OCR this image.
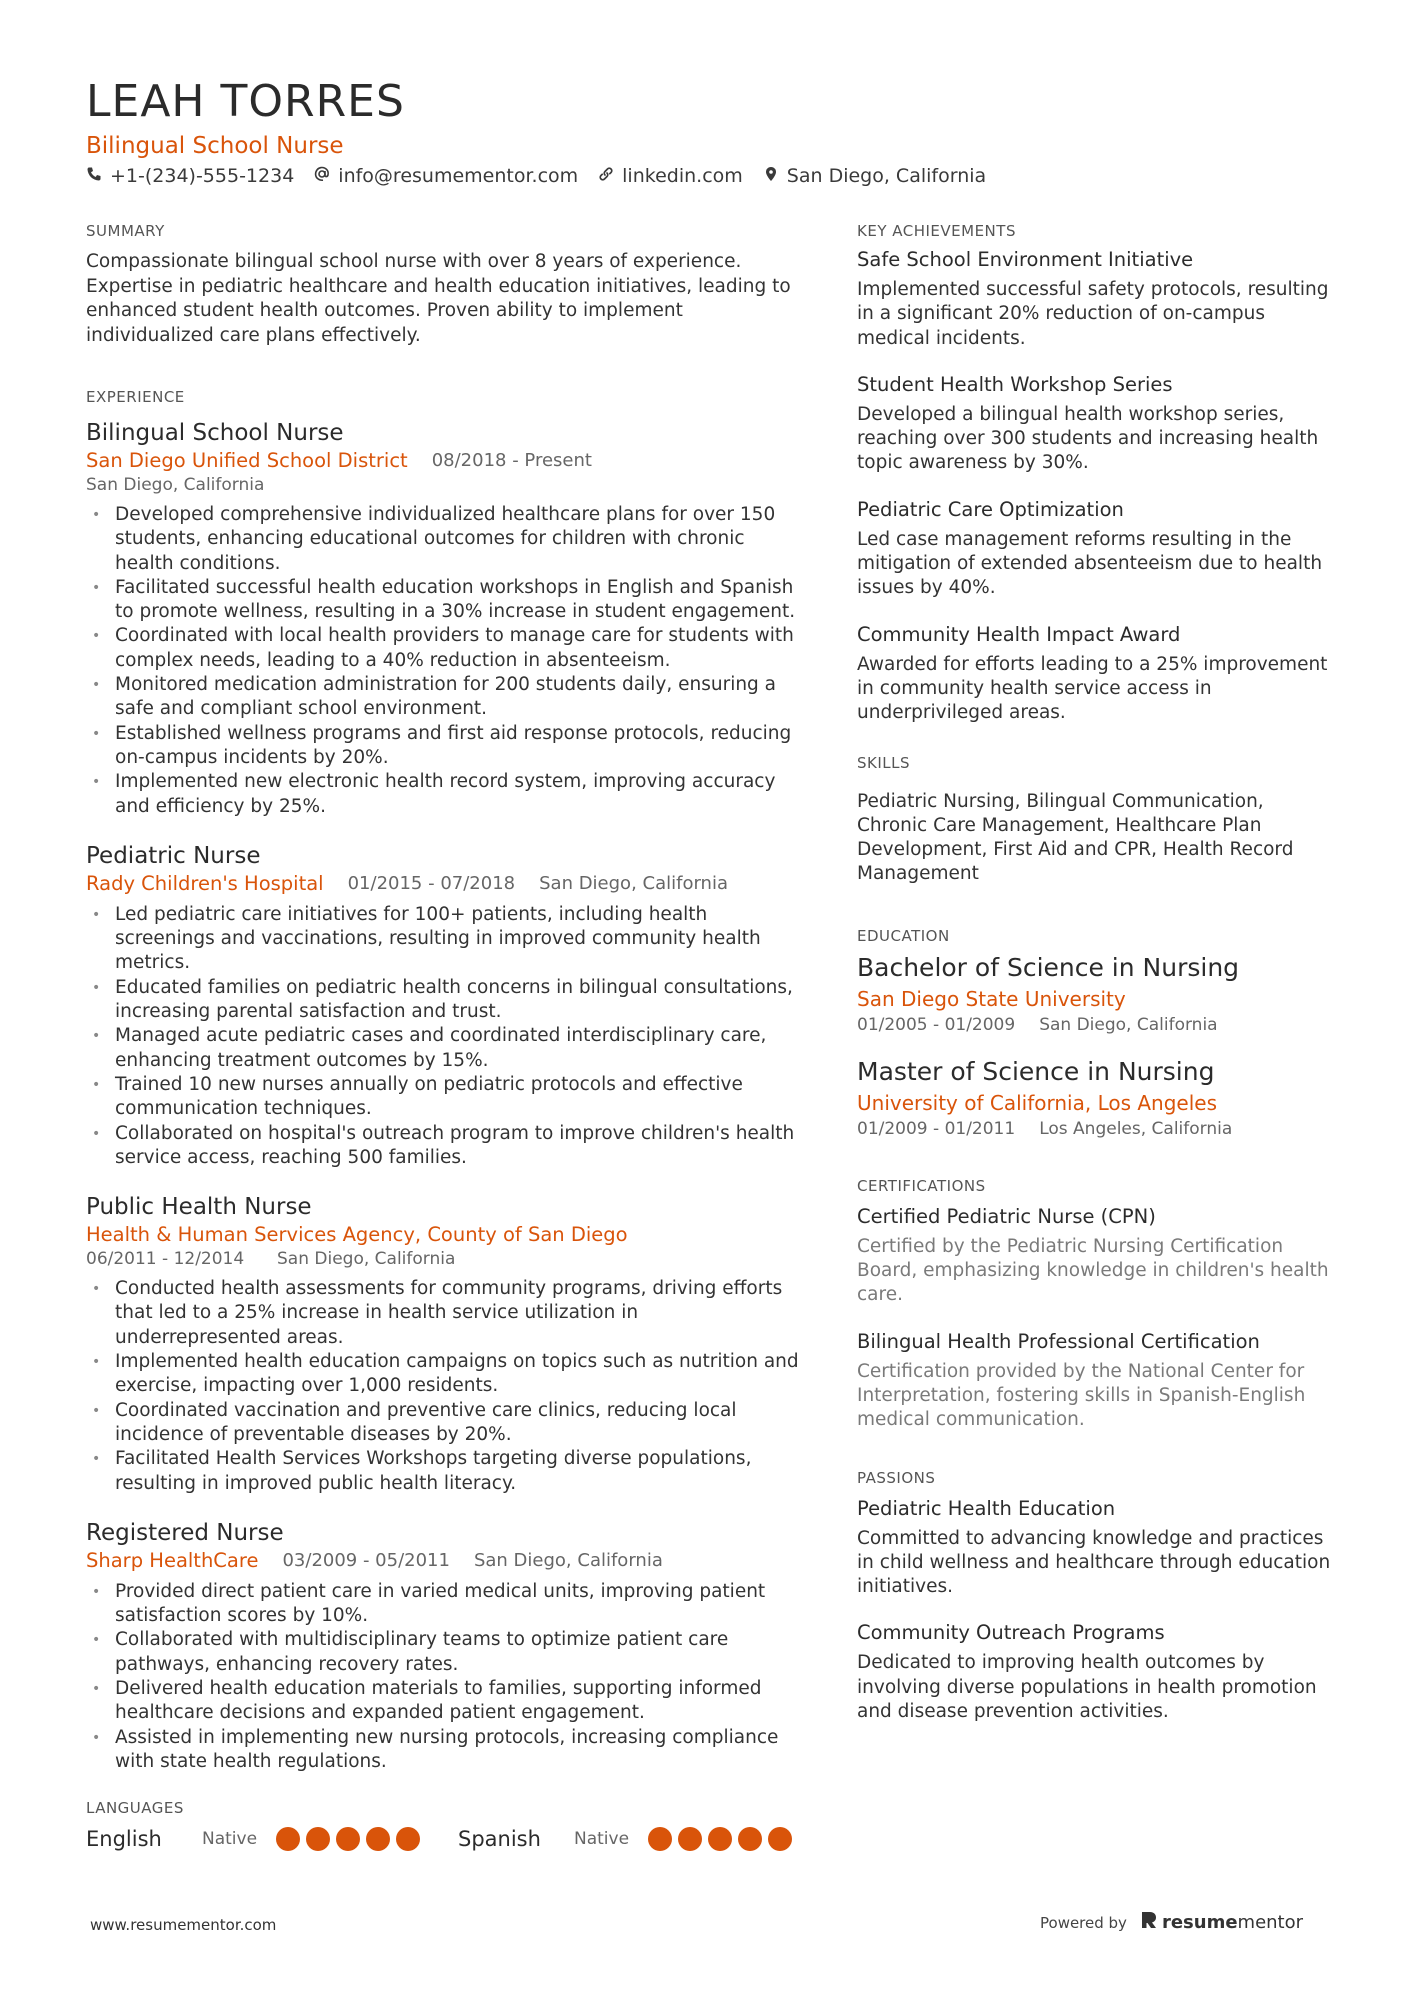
LEAH TORRES
Bilingual School Nurse
+1-(234)-555-1234 info@resumementor.com linkedin.com San Diego, California
SUMMARY

Compassionate bilingual school nurse with over 8 years of experience. Expertise in pediatric healthcare and health education initiatives, leading to enhanced student health outcomes. Proven ability to implement individualized care plans effectively.

EXPERIENCE
Bilingual School Nurse
San Diego Unified School District 08/2018 - Present
San Diego, California
• Developed comprehensive individualized healthcare plans for over 150 students, enhancing educational outcomes for children with chronic health conditions.
• Facilitated successful health education workshops in English and Spanish to promote wellness, resulting in a 30% increase in student engagement.
• Coordinated with local health providers to manage care for students with complex needs, leading to a 40% reduction in absenteeism.
• Monitored medication administration for 200 students daily, ensuring a safe and compliant school environment.
• Established wellness programs and first aid response protocols, reducing on-campus incidents by 20%.
• Implemented new electronic health record system, improving accuracy and efficiency by 25%.
Pediatric Nurse
Rady Children's Hospital 01/2015 - 07/2018 San Diego, California
• Led pediatric care initiatives for 100+ patients, including health screenings and vaccinations, resulting in improved community health metrics.
• Educated families on pediatric health concerns in bilingual consultations, increasing parental satisfaction and trust.
• Managed acute pediatric cases and coordinated interdisciplinary care, enhancing treatment outcomes by 15%.
• Trained 10 new nurses annually on pediatric protocols and effective communication techniques.
• Collaborated on hospital's outreach program to improve children's health service access, reaching 500 families.
Public Health Nurse
Health & Human Services Agency, County of San Diego
06/2011 - 12/2014 San Diego, California
• Conducted health assessments for community programs, driving efforts that led to a 25% increase in health service utilization in underrepresented areas.
• Implemented health education campaigns on topics such as nutrition and exercise, impacting over 1,000 residents.
• Coordinated vaccination and preventive care clinics, reducing local incidence of preventable diseases by 20%.
• Facilitated Health Services Workshops targeting diverse populations, resulting in improved public health literacy.
Registered Nurse
Sharp HealthCare 03/2009 - 05/2011 San Diego, California
• Provided direct patient care in varied medical units, improving patient satisfaction scores by 10%.
• Collaborated with multidisciplinary teams to optimize patient care pathways, enhancing recovery rates.
• Delivered health education materials to families, supporting informed healthcare decisions and expanded patient engagement.
• Assisted in implementing new nursing protocols, increasing compliance with state health regulations.
LANGUAGES
English	Native	Spanish	Native
KEY ACHIEVEMENTS
Safe School Environment Initiative

Implemented successful safety protocols, resulting in a significant 20% reduction of on-campus medical incidents.

Student Health Workshop Series

Developed a bilingual health workshop series, reaching over 300 students and increasing health topic awareness by 30%.

Pediatric Care Optimization

Led case management reforms resulting in the mitigation of extended absenteeism due to health issues by 40%.

Community Health Impact Award

Awarded for efforts leading to a 25% improvement in community health service access in underprivileged areas.

SKILLS

Pediatric Nursing, Bilingual Communication, Chronic Care Management, Healthcare Plan Development, First Aid and CPR, Health Record Management

EDUCATION
Bachelor of Science in Nursing
San Diego State University
01/2005 - 01/2009 San Diego, California
Master of Science in Nursing
University of California, Los Angeles
01/2009 - 01/2011 Los Angeles, California
CERTIFICATIONS
Certified Pediatric Nurse (CPN)

Certified by the Pediatric Nursing Certification Board, emphasizing knowledge in children's health care.

Bilingual Health Professional Certification

Certification provided by the National Center for Interpretation, fostering skills in Spanish-English medical communication.

PASSIONS
Pediatric Health Education

Committed to advancing knowledge and practices in child wellness and healthcare through education initiatives.

Community Outreach Programs

Dedicated to improving health outcomes by involving diverse populations in health promotion and disease prevention activities.

www.resumementor.com	Powered by resume mentor
